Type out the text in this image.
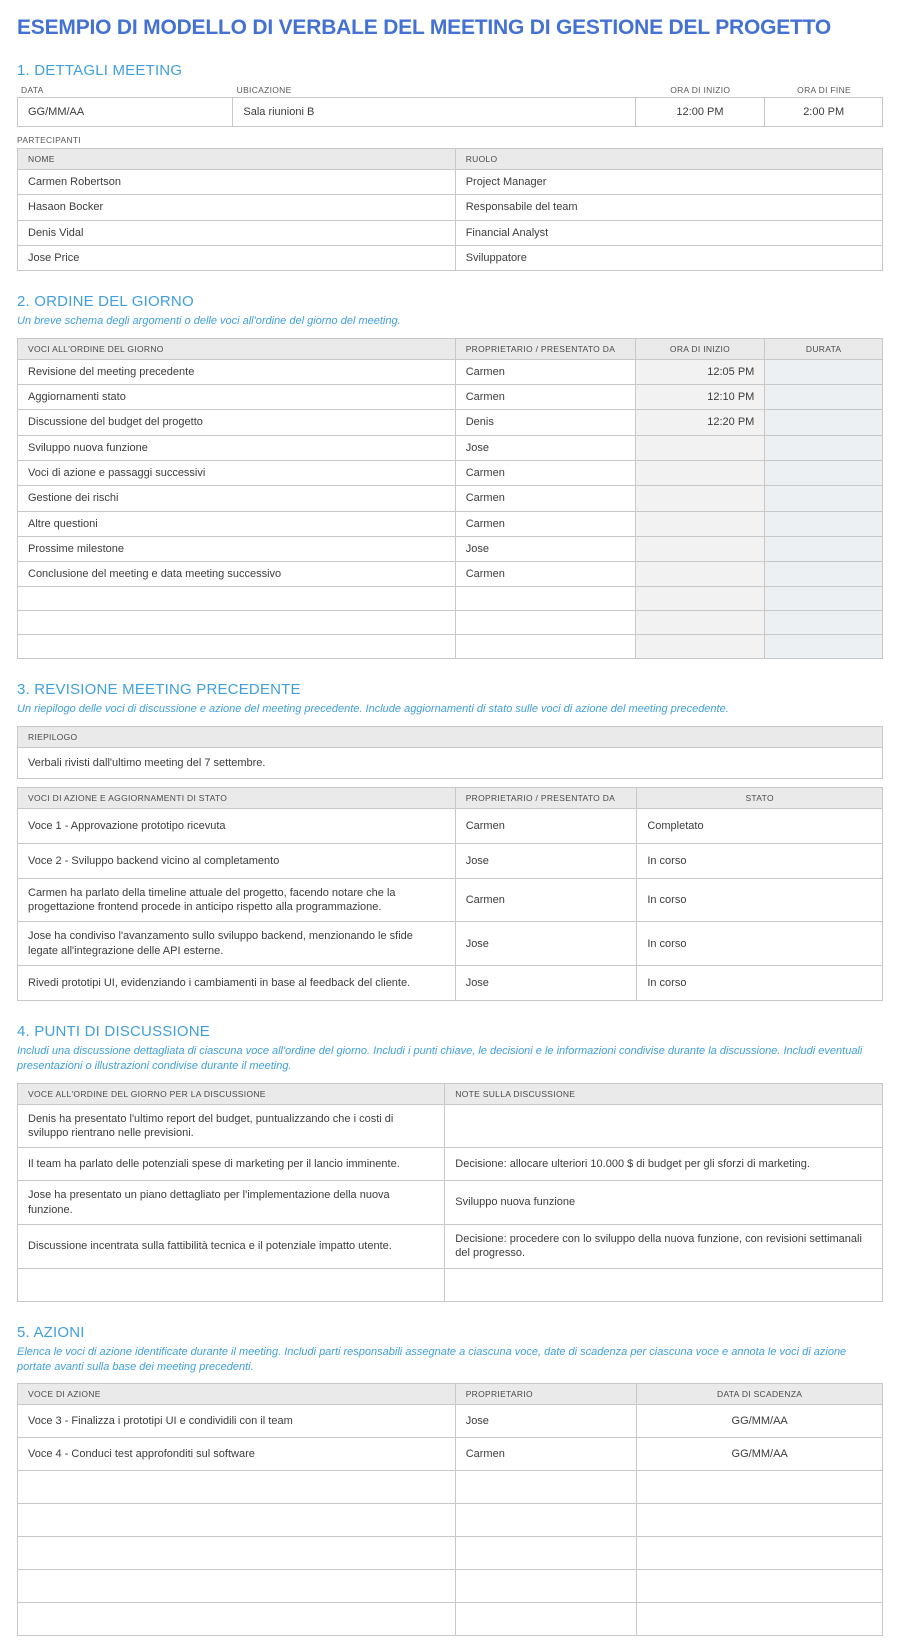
ESEMPIO DI MODELLO DI VERBALE DEL MEETING DI GESTIONE DEL PROGETTO
1. DETTAGLI MEETING
DATA	UBICAZIONE	ORA DI INIZIO	ORA DI FINE
GG/MM/AA	Sala riunioni B	12:00 PM	2:00 PM
PARTECIPANTI
NOME	RUOLO
Carmen Robertson	Project Manager
Hasaon Bocker	Responsabile del team
Denis Vidal	Financial Analyst
Jose Price	Sviluppatore
2. ORDINE DEL GIORNO

Un breve schema degli argomenti o delle voci all'ordine del giorno del meeting.

VOCI ALL'ORDINE DEL GIORNO	PROPRIETARIO / PRESENTATO DA	ORA DI INIZIO	DURATA
Revisione del meeting precedente	Carmen	12:05 PM	
Aggiornamenti stato	Carmen	12:10 PM	
Discussione del budget del progetto	Denis	12:20 PM	
Sviluppo nuova funzione	Jose		
Voci di azione e passaggi successivi	Carmen		
Gestione dei rischi	Carmen		
Altre questioni	Carmen		
Prossime milestone	Jose		
Conclusione del meeting e data meeting successivo	Carmen		

3. REVISIONE MEETING PRECEDENTE

Un riepilogo delle voci di discussione e azione del meeting precedente. Include aggiornamenti di stato sulle voci di azione del meeting precedente.

RIEPILOGO
Verbali rivisti dall'ultimo meeting del 7 settembre.
VOCI DI AZIONE E AGGIORNAMENTI DI STATO	PROPRIETARIO / PRESENTATO DA	STATO
Voce 1 - Approvazione prototipo ricevuta	Carmen	Completato
Voce 2 - Sviluppo backend vicino al completamento	Jose	In corso
Carmen ha parlato della timeline attuale del progetto, facendo notare che la progettazione frontend procede in anticipo rispetto alla programmazione.	Carmen	In corso
Jose ha condiviso l'avanzamento sullo sviluppo backend, menzionando le sfide legate all'integrazione delle API esterne.	Jose	In corso
Rivedi prototipi UI, evidenziando i cambiamenti in base al feedback del cliente.	Jose	In corso
4. PUNTI DI DISCUSSIONE

Includi una discussione dettagliata di ciascuna voce all'ordine del giorno. Includi i punti chiave, le decisioni e le informazioni condivise durante la discussione. Includi eventuali presentazioni o illustrazioni condivise durante il meeting.

VOCE ALL'ORDINE DEL GIORNO PER LA DISCUSSIONE	NOTE SULLA DISCUSSIONE
Denis ha presentato l'ultimo report del budget, puntualizzando che i costi di sviluppo rientrano nelle previsioni.	
Il team ha parlato delle potenziali spese di marketing per il lancio imminente.	Decisione: allocare ulteriori 10.000 $ di budget per gli sforzi di marketing.
Jose ha presentato un piano dettagliato per l'implementazione della nuova funzione.	Sviluppo nuova funzione
Discussione incentrata sulla fattibilità tecnica e il potenziale impatto utente.	Decisione: procedere con lo sviluppo della nuova funzione, con revisioni settimanali del progresso.

5. AZIONI

Elenca le voci di azione identificate durante il meeting. Includi parti responsabili assegnate a ciascuna voce, date di scadenza per ciascuna voce e annota le voci di azione portate avanti sulla base dei meeting precedenti.

VOCE DI AZIONE	PROPRIETARIO	DATA DI SCADENZA
Voce 3 - Finalizza i prototipi UI e condividili con il team	Jose	GG/MM/AA
Voce 4 - Conduci test approfonditi sul software	Carmen	GG/MM/AA
